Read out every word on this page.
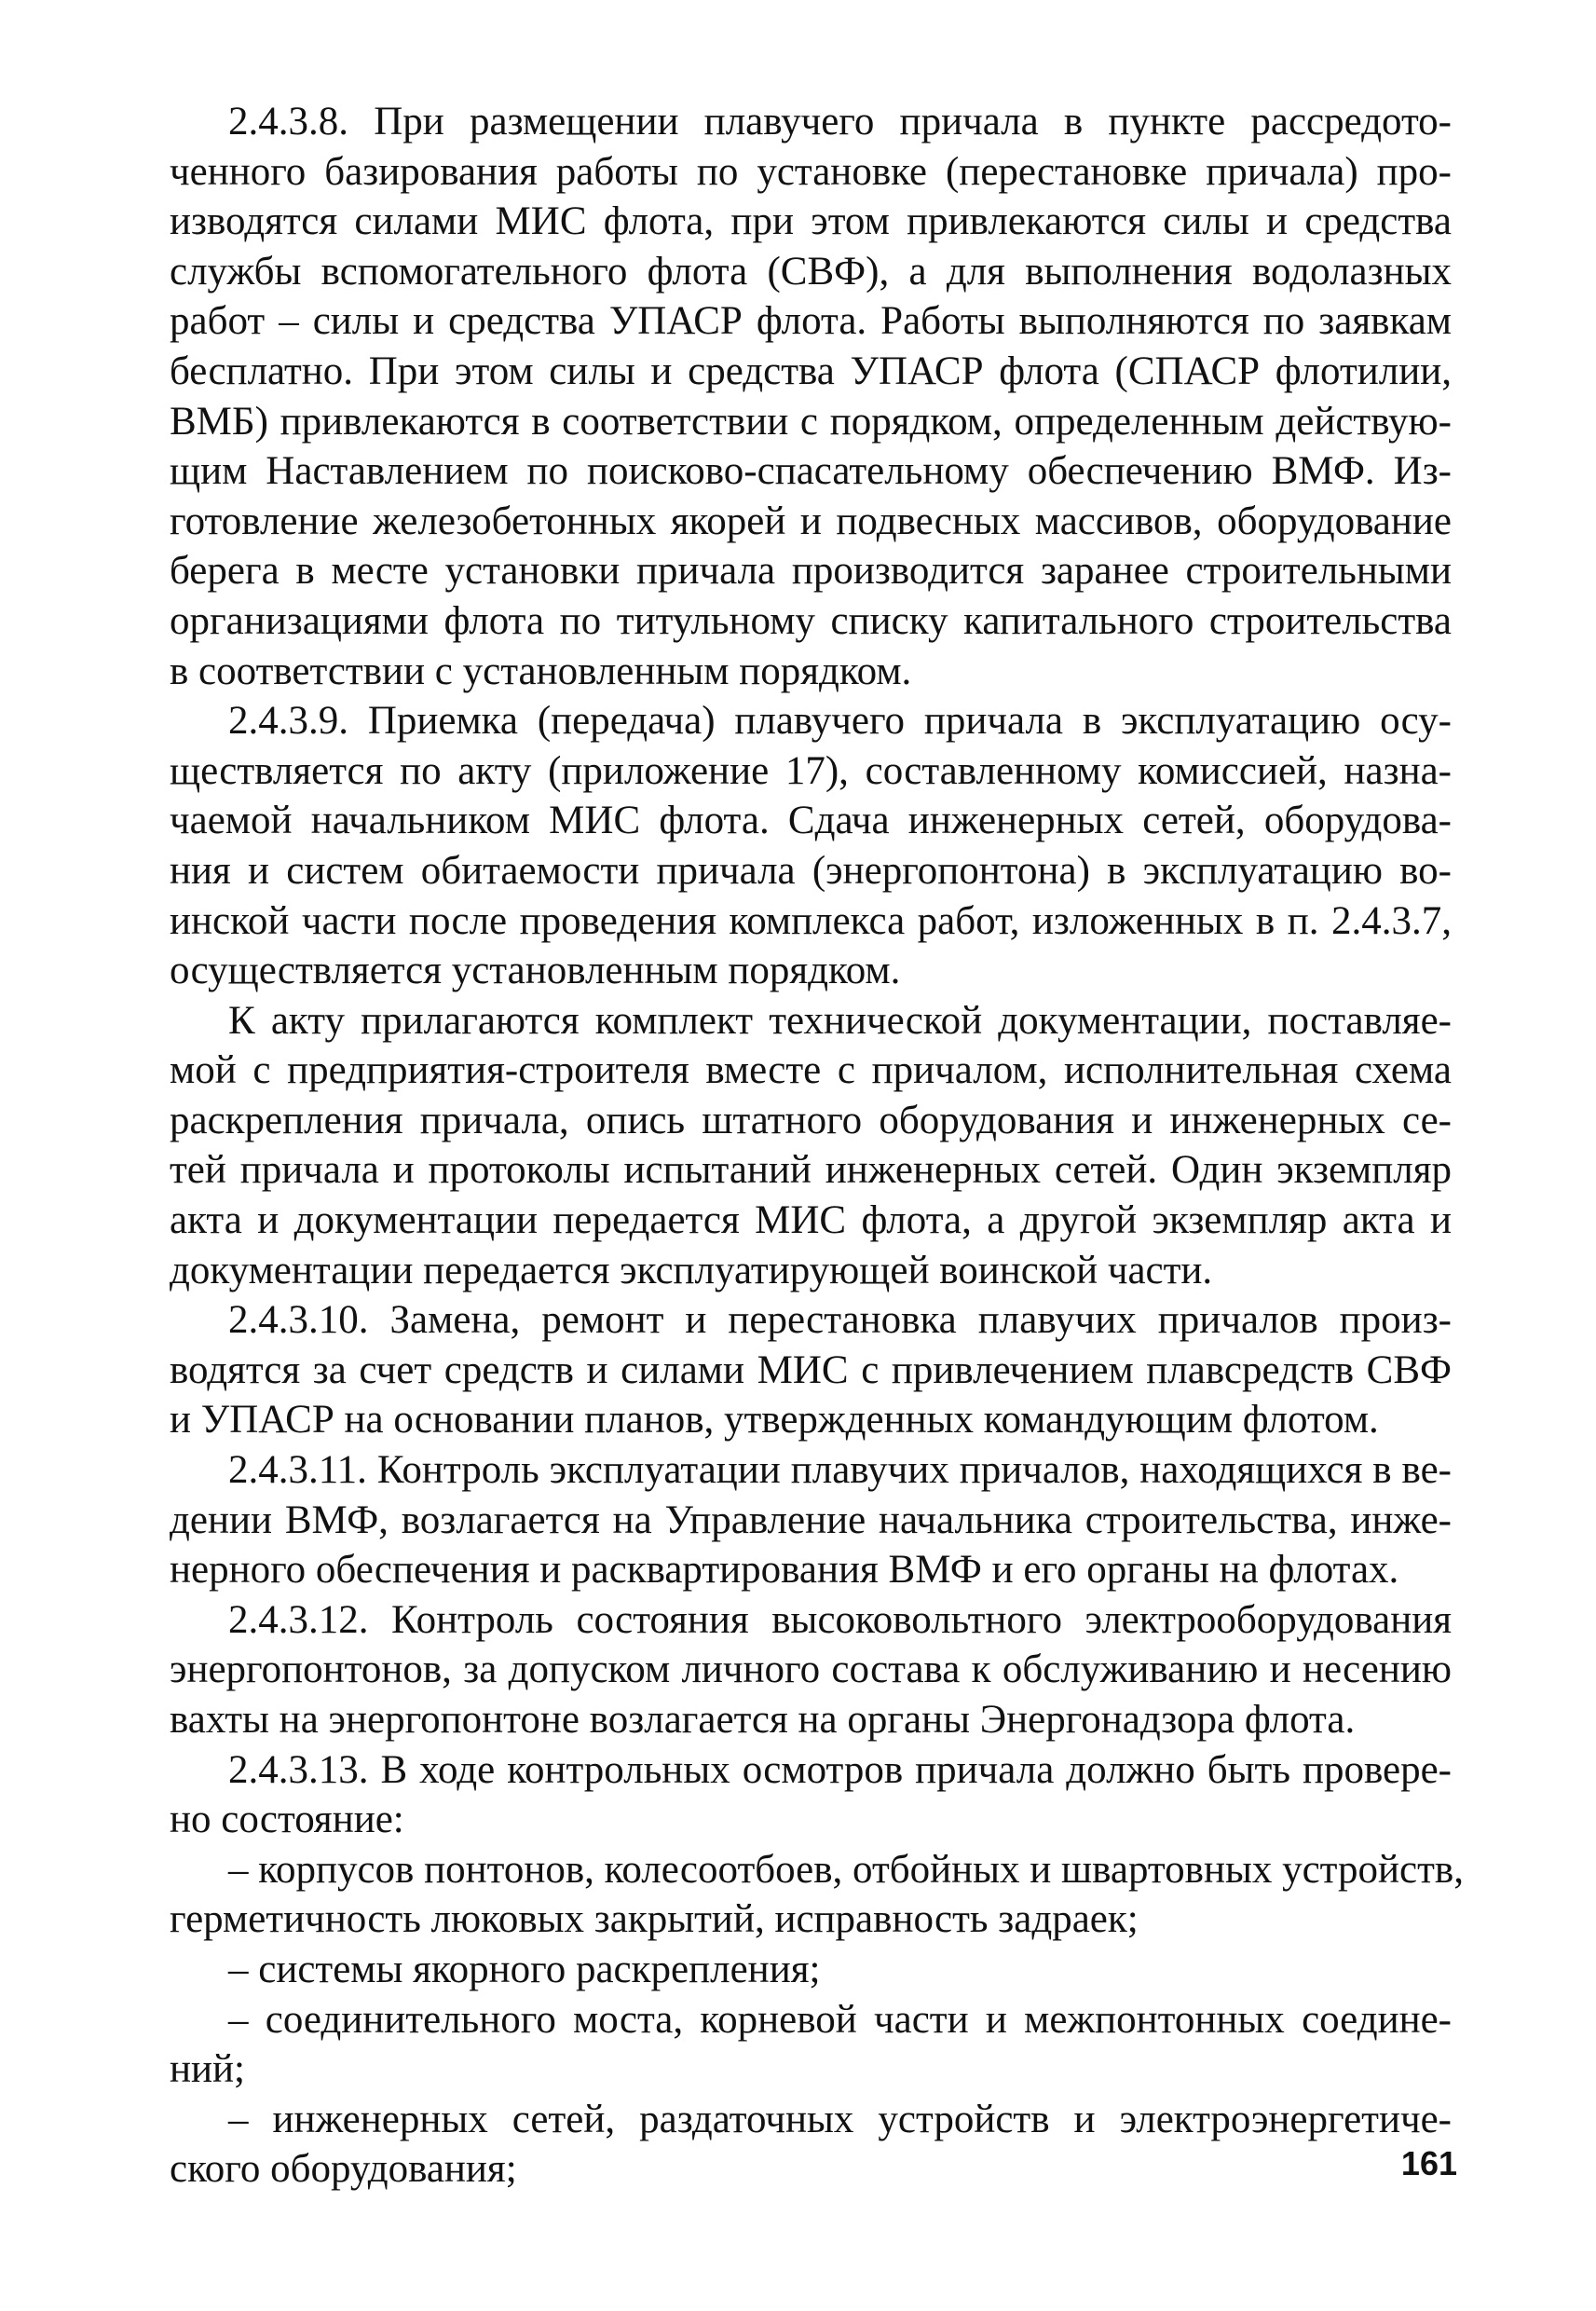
2.4.3.8. При размещении плавучего причала в пункте рассредото-
ченного базирования работы по установке (перестановке причала) про-
изводятся силами МИС флота, при этом привлекаются силы и средства
службы вспомогательного флота (СВФ), а для выполнения водолазных
работ – силы и средства УПАСР флота. Работы выполняются по заявкам
бесплатно. При этом силы и средства УПАСР флота (СПАСР флотилии,
ВМБ) привлекаются в соответствии с порядком, определенным действую-
щим Наставлением по поисково-спасательному обеспечению ВМФ. Из-
готовление железобетонных якорей и подвесных массивов, оборудование
берега в месте установки причала производится заранее строительными
организациями флота по титульному списку капитального строительства
в соответствии с установленным порядком.
2.4.3.9. Приемка (передача) плавучего причала в эксплуатацию осу-
ществляется по акту (приложение 17), составленному комиссией, назна-
чаемой начальником МИС флота. Сдача инженерных сетей, оборудова-
ния и систем обитаемости причала (энергопонтона) в эксплуатацию во-
инской части после проведения комплекса работ, изложенных в п. 2.4.3.7,
осуществляется установленным порядком.
К акту прилагаются комплект технической документации, поставляе-
мой с предприятия-строителя вместе с причалом, исполнительная схема
раскрепления причала, опись штатного оборудования и инженерных се-
тей причала и протоколы испытаний инженерных сетей. Один экземпляр
акта и документации передается МИС флота, а другой экземпляр акта и
документации передается эксплуатирующей воинской части.
2.4.3.10. Замена, ремонт и перестановка плавучих причалов произ-
водятся за счет средств и силами МИС с привлечением плавсредств СВФ
и УПАСР на основании планов, утвержденных командующим флотом.
2.4.3.11. Контроль эксплуатации плавучих причалов, находящихся в ве-
дении ВМФ, возлагается на Управление начальника строительства, инже-
нерного обеспечения и расквартирования ВМФ и его органы на флотах.
2.4.3.12. Контроль состояния высоковольтного электрооборудования
энергопонтонов, за допуском личного состава к обслуживанию и несению
вахты на энергопонтоне возлагается на органы Энергонадзора флота.
2.4.3.13. В ходе контрольных осмотров причала должно быть провере-
но состояние:
– корпусов понтонов, колесоотбоев, отбойных и швартовных устройств,
герметичность люковых закрытий, исправность задраек;
– системы якорного раскрепления;
– соединительного моста, корневой части и межпонтонных соедине-
ний;
– инженерных сетей, раздаточных устройств и электроэнергетиче-
ского оборудования;	161
